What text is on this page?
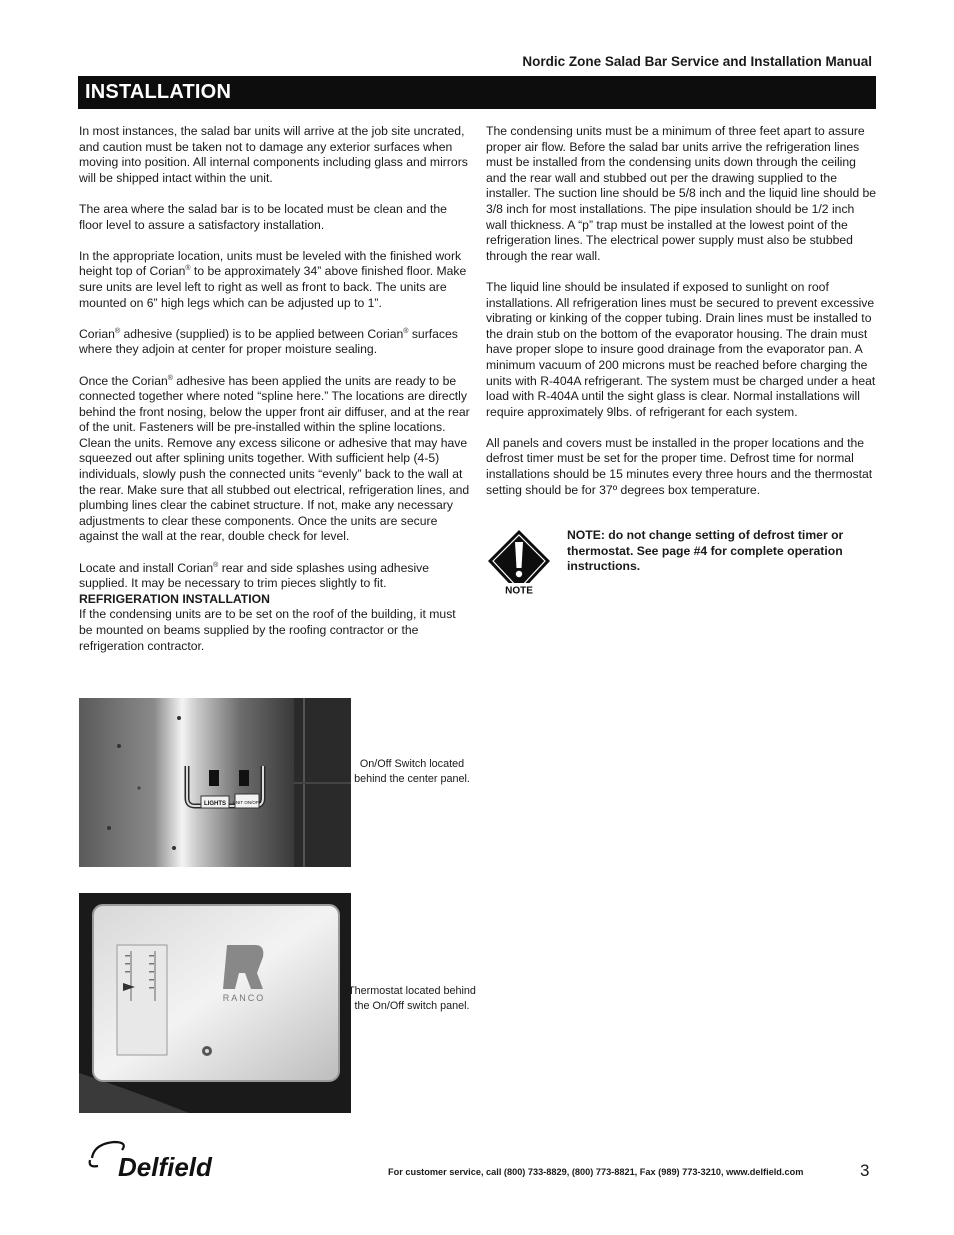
Nordic Zone Salad Bar Service and Installation Manual
INSTALLATION

In most instances, the salad bar units will arrive at the job site uncrated, and caution must be taken not to damage any exterior surfaces when moving into position. All internal components including glass and mirrors will be shipped intact within the unit.

The area where the salad bar is to be located must be clean and the floor level to assure a satisfactory installation.

In the appropriate location, units must be leveled with the finished work height top of Corian® to be approximately 34” above finished floor. Make sure units are level left to right as well as front to back. The units are mounted on 6” high legs which can be adjusted up to 1”.

Corian® adhesive (supplied) is to be applied between Corian® surfaces where they adjoin at center for proper moisture sealing.

Once the Corian® adhesive has been applied the units are ready to be connected together where noted “spline here.” The locations are directly behind the front nosing, below the upper front air diffuser, and at the rear of the unit. Fasteners will be pre-installed within the spline locations. Clean the units. Remove any excess silicone or adhesive that may have squeezed out after splining units together. With sufficient help (4-5) individuals, slowly push the connected units “evenly” back to the wall at the rear. Make sure that all stubbed out electrical, refrigeration lines, and plumbing lines clear the cabinet structure. If not, make any necessary adjustments to clear these components. Once the units are secure against the wall at the rear, double check for level.

Locate and install Corian® rear and side splashes using adhesive supplied. It may be necessary to trim pieces slightly to fit.

REFRIGERATION INSTALLATION

If the condensing units are to be set on the roof of the building, it must be mounted on beams supplied by the roofing contractor or the refrigeration contractor.

The condensing units must be a minimum of three feet apart to assure proper air flow. Before the salad bar units arrive the refrigeration lines must be installed from the condensing units down through the ceiling and the rear wall and stubbed out per the drawing supplied to the installer. The suction line should be 5/8 inch and the liquid line should be 3/8 inch for most installations. The pipe insulation should be 1/2 inch wall thickness. A “p” trap must be installed at the lowest point of the refrigeration lines. The electrical power supply must also be stubbed through the rear wall.

The liquid line should be insulated if exposed to sunlight on roof installations. All refrigeration lines must be secured to prevent excessive vibrating or kinking of the copper tubing. Drain lines must be installed to the drain stub on the bottom of the evaporator housing. The drain must have proper slope to insure good drainage from the evaporator pan. A minimum vacuum of 200 microns must be reached before charging the units with R-404A refrigerant. The system must be charged under a heat load with R-404A until the sight glass is clear. Normal installations will require approximately 9lbs. of refrigerant for each system.

All panels and covers must be installed in the proper locations and the defrost timer must be set for the proper time. Defrost time for normal installations should be 15 minutes every three hours and the thermostat setting should be for 37º degrees box temperature.

NOTE
NOTE: do not change setting of defrost timer or thermostat. See page #4 for complete operation instructions.
LIGHTS UNIT ON/OFF
On/Off Switch located behind the center panel.
RANCO
Thermostat located behind the On/Off switch panel.
Delfield	For customer service, call (800) 733-8829, (800) 773-8821, Fax (989) 773-3210, www.delfield.com	3
